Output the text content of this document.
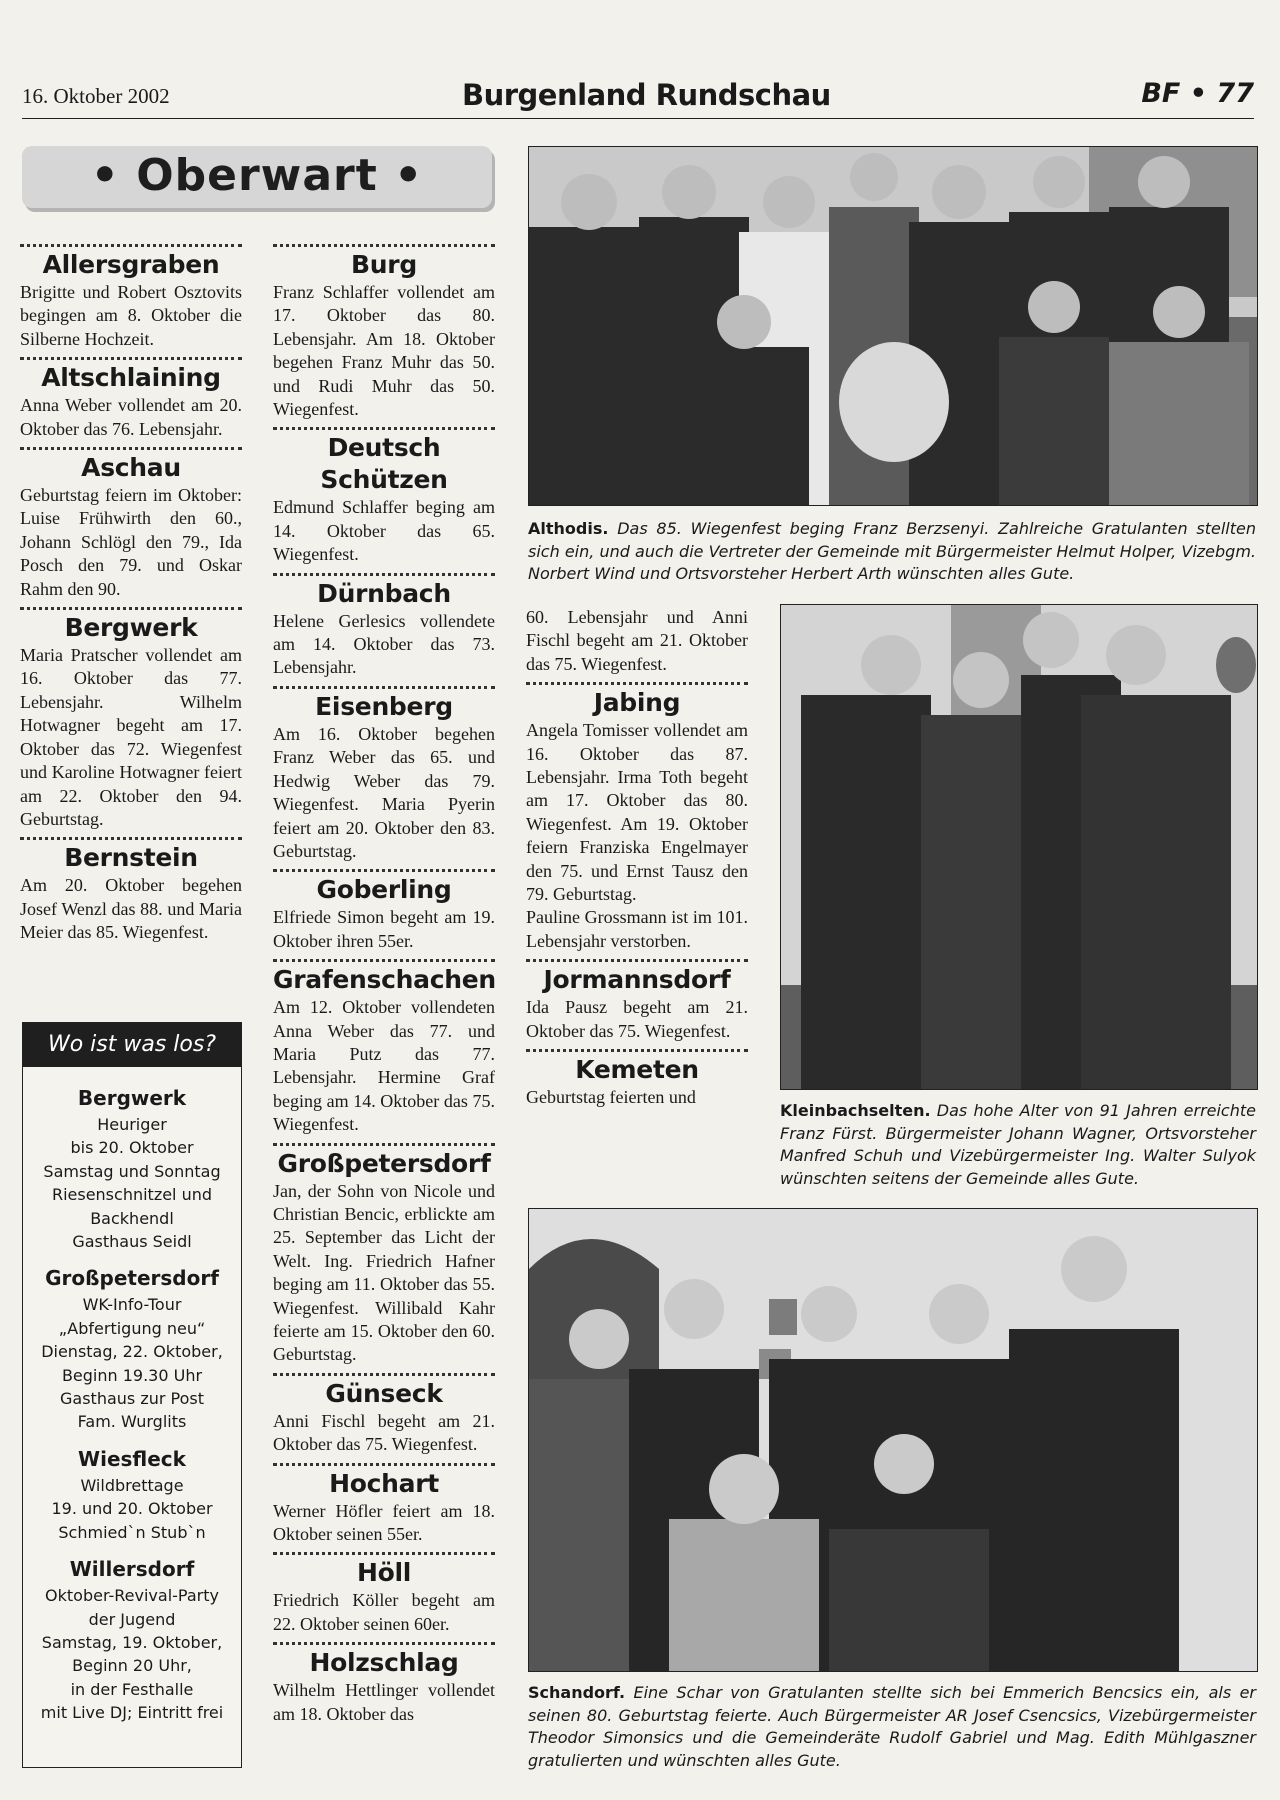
16. Oktober 2002	Burgenland Rundschau	BF • 77
• Oberwart •
Allersgraben

Brigitte und Robert Osztovits begingen am 8. Oktober die Silberne Hochzeit.

Altschlaining

Anna Weber vollendet am 20. Oktober das 76. Lebensjahr.

Aschau

Geburtstag feiern im Oktober: Luise Frühwirth den 60., Johann Schlögl den 79., Ida Posch den 79. und Oskar Rahm den 90.

Bergwerk

Maria Pratscher vollendet am 16. Oktober das 77. Lebensjahr. Wilhelm Hotwagner begeht am 17. Oktober das 72. Wiegenfest und Karoline Hotwagner feiert am 22. Oktober den 94. Geburtstag.

Bernstein

Am 20. Oktober begehen Josef Wenzl das 88. und Maria Meier das 85. Wiegenfest.

Wo ist was los?
Bergwerk
Heuriger
bis 20. Oktober
Samstag und Sonntag
Riesenschnitzel und
Backhendl
Gasthaus Seidl
Großpetersdorf
WK-Info-Tour
„Abfertigung neu“
Dienstag, 22. Oktober,
Beginn 19.30 Uhr
Gasthaus zur Post
Fam. Wurglits
Wiesfleck
Wildbrettage
19. und 20. Oktober
Schmied`n Stub`n
Willersdorf
Oktober-Revival-Party
der Jugend
Samstag, 19. Oktober,
Beginn 20 Uhr,
in der Festhalle
mit Live DJ; Eintritt frei
Burg

Franz Schlaffer vollendet am 17. Oktober das 80. Lebensjahr. Am 18. Oktober begehen Franz Muhr das 50. und Rudi Muhr das 50. Wiegenfest.

Deutsch Schützen

Edmund Schlaffer beging am 14. Oktober das 65. Wiegenfest.

Dürnbach

Helene Gerlesics vollendete am 14. Oktober das 73. Lebensjahr.

Eisenberg

Am 16. Oktober begehen Franz Weber das 65. und Hedwig Weber das 79. Wiegenfest. Maria Pyerin feiert am 20. Oktober den 83. Geburtstag.

Goberling

Elfriede Simon begeht am 19. Oktober ihren 55er.

Grafenschachen

Am 12. Oktober vollendeten Anna Weber das 77. und Maria Putz das 77. Lebensjahr. Hermine Graf beging am 14. Oktober das 75. Wiegenfest.

Großpetersdorf

Jan, der Sohn von Nicole und Christian Bencic, erblickte am 25. September das Licht der Welt. Ing. Friedrich Hafner beging am 11. Oktober das 55. Wiegenfest. Willibald Kahr feierte am 15. Oktober den 60. Geburtstag.

Günseck

Anni Fischl begeht am 21. Oktober das 75. Wiegenfest.

Hochart

Werner Höfler feiert am 18. Oktober seinen 55er.

Höll

Friedrich Köller begeht am 22. Oktober seinen 60er.

Holzschlag

Wilhelm Hettlinger vollendet am 18. Oktober das

60. Lebensjahr und Anni Fischl begeht am 21. Oktober das 75. Wiegenfest.

Jabing

Angela Tomisser vollendet am 16. Oktober das 87. Lebensjahr. Irma Toth begeht am 17. Oktober das 80. Wiegenfest. Am 19. Oktober feiern Franziska Engelmayer den 75. und Ernst Tausz den 79. Geburtstag.

Pauline Grossmann ist im 101. Lebensjahr verstorben.

Jormannsdorf

Ida Pausz begeht am 21. Oktober das 75. Wiegenfest.

Kemeten

Geburtstag feierten und

Althodis. Das 85. Wiegenfest beging Franz Berzsenyi. Zahlreiche Gratulanten stellten sich ein, und auch die Vertreter der Gemeinde mit Bürgermeister Helmut Holper, Vizebgm. Norbert Wind und Ortsvorsteher Herbert Arth wünschten alles Gute.
Kleinbachselten. Das hohe Alter von 91 Jahren erreichte Franz Fürst. Bürgermeister Johann Wagner, Ortsvorsteher Manfred Schuh und Vizebürgermeister Ing. Walter Sulyok wünschten seitens der Gemeinde alles Gute.
Schandorf. Eine Schar von Gratulanten stellte sich bei Emmerich Bencsics ein, als er seinen 80. Geburtstag feierte. Auch Bürgermeister AR Josef Csencsics, Vizebürgermeister Theodor Simonsics und die Gemeinderäte Rudolf Gabriel und Mag. Edith Mühlgaszner gratulierten und wünschten alles Gute.
